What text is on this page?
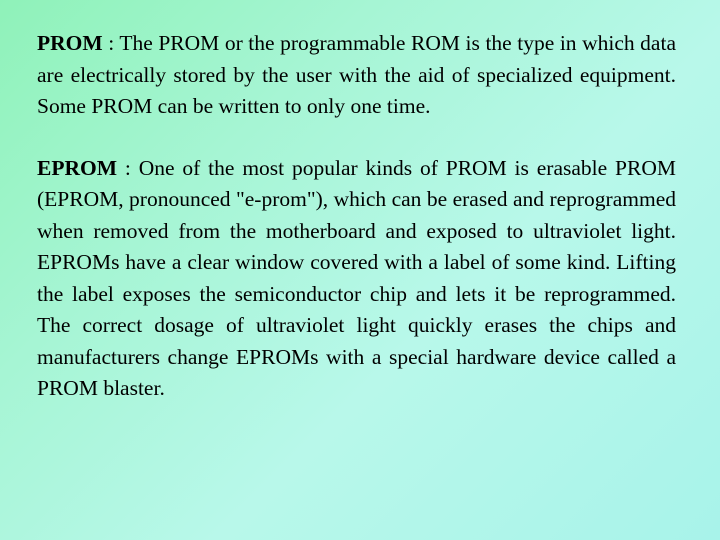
PROM : The PROM or the programmable ROM is the type in which data are electrically stored by the user with the aid of specialized equipment. Some PROM can be written to only one time.

EPROM : One of the most popular kinds of PROM is erasable PROM (EPROM, pronounced "e-prom"), which can be erased and reprogrammed when removed from the motherboard and exposed to ultraviolet light. EPROMs have a clear window covered with a label of some kind. Lifting the label exposes the semiconductor chip and lets it be reprogrammed. The correct dosage of ultraviolet light quickly erases the chips and manufacturers change EPROMs with a special hardware device called a PROM blaster.
